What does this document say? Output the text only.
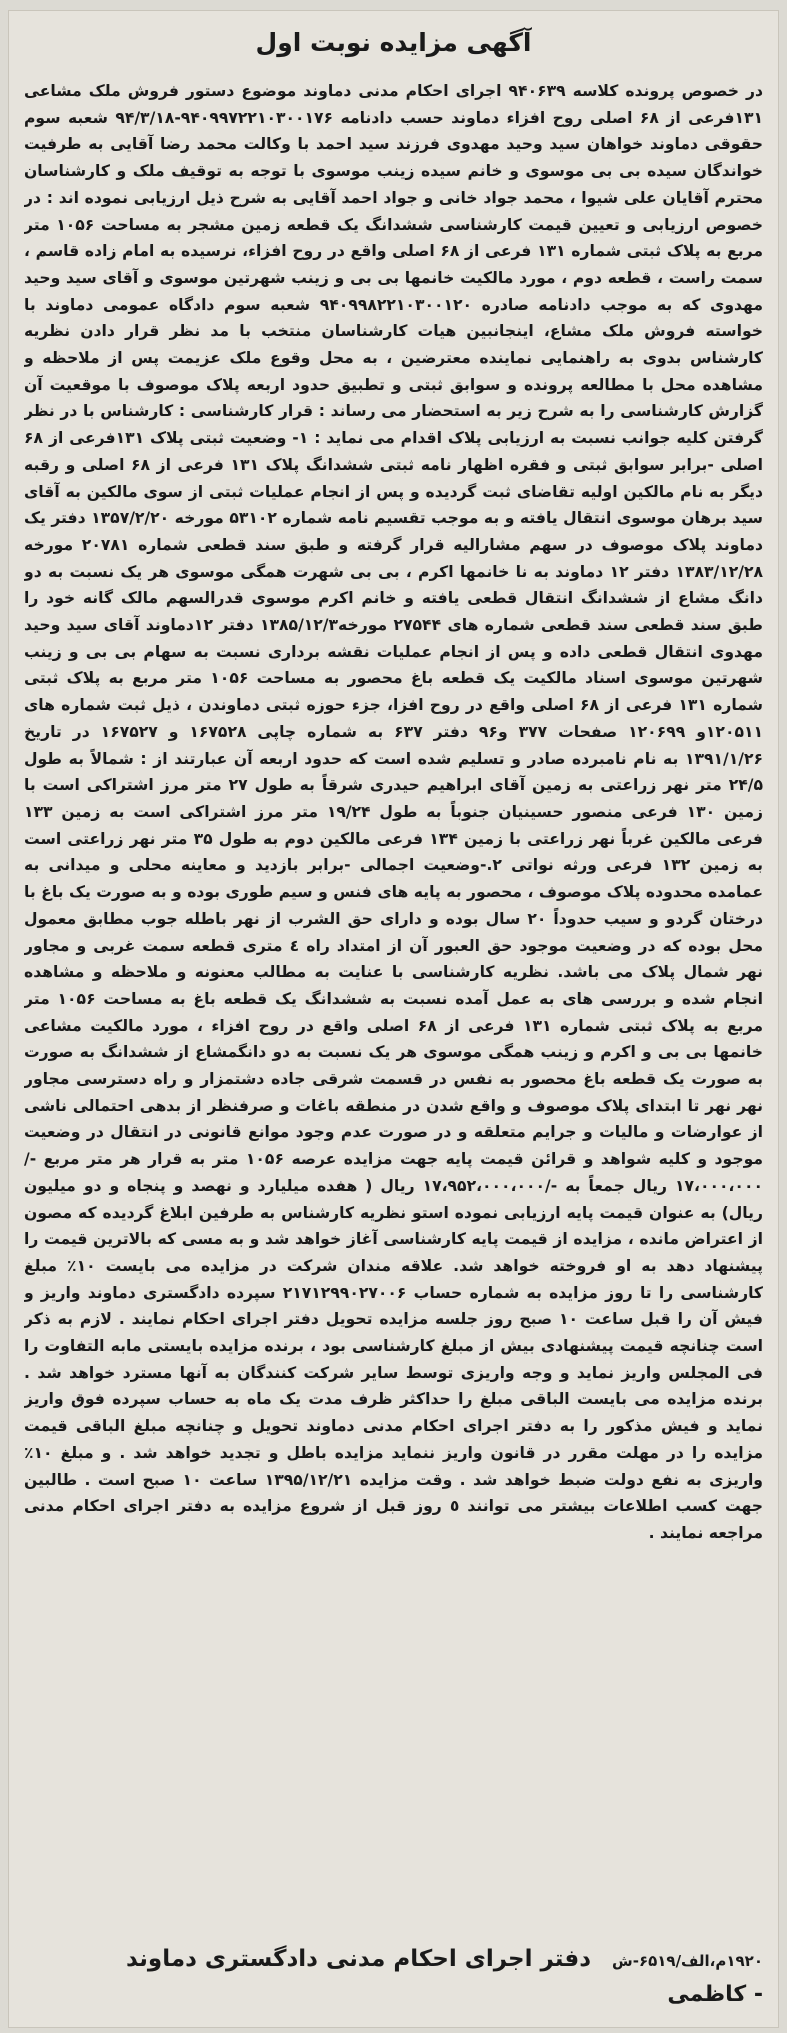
آگهی مزایده نوبت اول

در خصوص پرونده کلاسه ۹۴۰۶۳۹ اجرای احکام مدنی دماوند موضوع دستور فروش ملک مشاعی ۱۳۱فرعی از ۶۸ اصلی روح افزاء دماوند حسب دادنامه ۹۴۰۹۹۷۲۲۱۰۳۰۰۱۷۶-۹۴/۳/۱۸ شعبه سوم حقوقی دماوند خواهان سید وحید مهدوی فرزند سید احمد با وکالت محمد رضا آقایی به طرفیت خواندگان سیده بی بی موسوی و خانم سیده زینب موسوی با توجه به توقیف ملک و کارشناسان محترم آقایان علی شیوا ، محمد جواد خانی و جواد احمد آقایی به شرح ذیل ارزیابی نموده اند : در خصوص ارزیابی و تعیین قیمت کارشناسی ششدانگ یک قطعه زمین مشجر به مساحت ۱۰۵۶ متر مربع به پلاک ثبتی شماره ۱۳۱ فرعی از ۶۸ اصلی واقع در روح افزاء، نرسیده به امام زاده قاسم ، سمت راست ، قطعه دوم ، مورد مالکیت خانمها بی بی و زینب شهرتین موسوی و آقای سید وحید مهدوی که به موجب دادنامه صادره ۹۴۰۹۹۸۲۲۱۰۳۰۰۱۲۰ شعبه سوم دادگاه عمومی دماوند با خواسته فروش ملک مشاع، اینجانبین هیات کارشناسان منتخب با مد نظر قرار دادن نظریه کارشناس بدوی به راهنمایی نماینده معترضین ، به محل وقوع ملک عزیمت پس از ملاحظه و مشاهده محل با مطالعه پرونده و سوابق ثبتی و تطبیق حدود اربعه پلاک موصوف با موقعیت آن گزارش کارشناسی را به شرح زیر به استحضار می رساند : قرار کارشناسی : کارشناس با در نظر گرفتن کلیه جوانب نسبت به ارزیابی پلاک اقدام می نماید : ۱- وضعیت ثبتی پلاک ۱۳۱فرعی از ۶۸ اصلی -برابر سوابق ثبتی و فقره اظهار نامه ثبتی ششدانگ پلاک ۱۳۱ فرعی از ۶۸ اصلی و رقبه دیگر به نام مالکین اولیه تقاضای ثبت گردیده و پس از انجام عملیات ثبتی از سوی مالکین به آقای سید برهان موسوی انتقال یافته و به موجب تقسیم نامه شماره ۵۳۱۰۲ مورخه ۱۳۵۷/۲/۲۰ دفتر یک دماوند پلاک موصوف در سهم مشارالیه قرار گرفته و طبق سند قطعی شماره ۲۰۷۸۱ مورخه ۱۳۸۳/۱۲/۲۸ دفتر ۱۲ دماوند به نا خانمها اکرم ، بی بی شهرت همگی موسوی هر یک نسبت به دو دانگ مشاع از ششدانگ انتقال قطعی یافته و خانم اکرم موسوی قدرالسهم مالک گانه خود را طبق سند قطعی سند قطعی شماره های ۲۷۵۴۴ مورخه۱۳۸۵/۱۲/۳ دفتر ۱۲دماوند آقای سید وحید مهدوی انتقال قطعی داده و پس از انجام عملیات نقشه برداری نسبت به سهام بی بی و زینب شهرتین موسوی اسناد مالکیت یک قطعه باغ محصور به مساحت ۱۰۵۶ متر مربع به پلاک ثبتی شماره ۱۳۱ فرعی از ۶۸ اصلی واقع در روح افزا، جزء حوزه ثبتی دماوندن ، ذیل ثبت شماره های ۱۲۰۵۱۱و ۱۲۰۶۹۹ صفحات ۳۷۷ و۹۶ دفتر ۶۳۷ به شماره چاپی ۱۶۷۵۲۸ و ۱۶۷۵۲۷ در تاریخ ۱۳۹۱/۱/۲۶ به نام نامبرده صادر و تسلیم شده است که حدود اربعه آن عبارتند از : شمالاً به طول ۲۴/۵ متر نهر زراعتی به زمین آقای ابراهیم حیدری شرقاً به طول ۲۷ متر مرز اشتراکی است با زمین ۱۳۰ فرعی منصور حسینیان جنوباً به طول ۱۹/۲۴ متر مرز اشتراکی است به زمین ۱۳۳ فرعی مالکین غرباً نهر زراعتی با زمین ۱۳۴ فرعی مالکین دوم به طول ۳۵ متر نهر زراعتی است به زمین ۱۳۲ فرعی ورثه نواتی ۲.-وضعیت اجمالی -برابر بازدید و معاینه محلی و میدانی به عمامده محدوده پلاک موصوف ، محصور به پایه های فنس و سیم طوری بوده و به صورت یک باغ با درختان گردو و سیب حدوداً ۲۰ سال بوده و دارای حق الشرب از نهر باطله جوب مطابق معمول محل بوده که در وضعیت موجود حق العبور آن از امتداد راه ٤ متری قطعه سمت غربی و مجاور نهر شمال پلاک می باشد. نظریه کارشناسی با عنایت به مطالب معنونه و ملاحظه و مشاهده انجام شده و بررسی های به عمل آمده نسبت به ششدانگ یک قطعه باغ به مساحت ۱۰۵۶ متر مربع به پلاک ثبتی شماره ۱۳۱ فرعی از ۶۸ اصلی واقع در روح افزاء ، مورد مالکیت مشاعی خانمها بی بی و اکرم و زینب همگی موسوی هر یک نسبت به دو دانگمشاع از ششدانگ به صورت به صورت یک قطعه باغ محصور به نفس در قسمت شرقی جاده دشتمزار و راه دسترسی مجاور نهر نهر تا ابتدای پلاک موصوف و واقع شدن در منطقه باغات و صرفنظر از بدهی احتمالی ناشی از عوارضات و مالیات و جرایم متعلقه و در صورت عدم وجود موانع قانونی در انتقال در وضعیت موجود و کلیه شواهد و قرائن قیمت پایه جهت مزایده عرصه ۱۰۵۶ متر به قرار هر متر مربع -/۱۷،۰۰۰،۰۰۰ ریال جمعاً به -/۱۷،۹۵۲،۰۰۰،۰۰۰ ریال ( هفده میلیارد و نهصد و پنجاه و دو میلیون ریال) به عنوان قیمت پایه ارزیابی نموده استو نظریه کارشناس به طرفین ابلاغ گردیده که مصون از اعتراض مانده ، مزایده از قیمت پایه کارشناسی آغاز خواهد شد و به مسی که بالاترین قیمت را پیشنهاد دهد به او فروخته خواهد شد. علاقه مندان شرکت در مزایده می بایست ۱۰٪ مبلغ کارشناسی را تا روز مزایده به شماره حساب ۲۱۷۱۲۹۹۰۲۷۰۰۶ سپرده دادگستری دماوند واریز و فیش آن را قبل ساعت ۱۰ صبح روز جلسه مزایده تحویل دفتر اجرای احکام نمایند . لازم به ذکر است چنانچه قیمت پیشنهادی بیش از مبلغ کارشناسی بود ، برنده مزایده بایستی مابه التفاوت را فی المجلس واریز نماید و وجه واریزی توسط سایر شرکت کنندگان به آنها مسترد خواهد شد . برنده مزایده می بایست الباقی مبلغ را حداکثر ظرف مدت یک ماه به حساب سپرده فوق واریز نماید و فیش مذکور را به دفتر اجرای احکام مدنی دماوند تحویل و چنانچه مبلغ الباقی قیمت مزایده را در مهلت مقرر در قانون واریز ننماید مزایده باطل و تجدید خواهد شد . و مبلغ ۱۰٪ واریزی به نفع دولت ضبط خواهد شد . وقت مزایده ۱۳۹۵/۱۲/۲۱ ساعت ۱۰ صبح است . طالبین جهت کسب اطلاعات بیشتر می توانند ٥ روز قبل از شروع مزایده به دفتر اجرای احکام مدنی مراجعه نمایند .

۱۹۲۰م،الف/۶۵۱۹-ش دفتر اجرای احکام مدنی دادگستری دماوند
- کاظمی
